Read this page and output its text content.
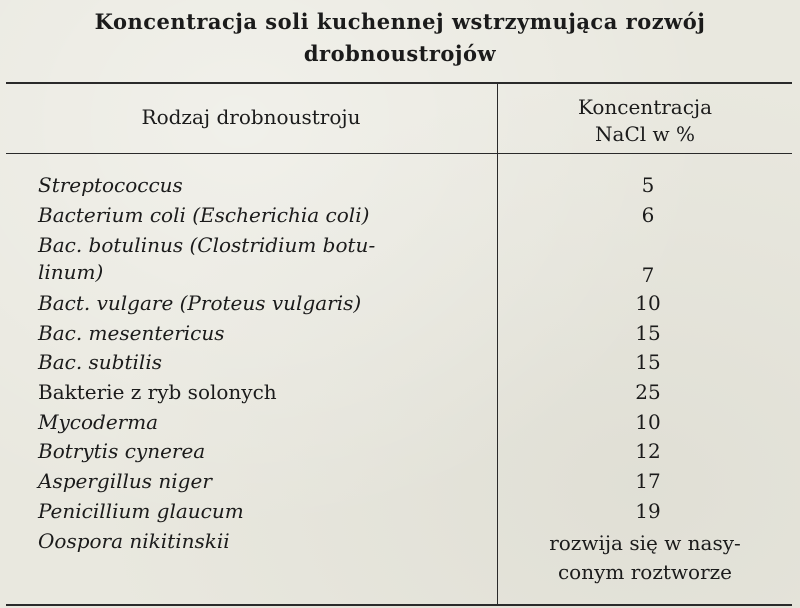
Koncentracja soli kuchennej wstrzymująca rozwój
drobnoustrojów
Rodzaj drobnoustroju	Koncentracja
NaCl w %
Streptococcus	5
Bacterium coli (Escherichia coli)	6
Bac. botulinus (Clostridium botu-
linum)	7
Bact. vulgare (Proteus vulgaris)	10
Bac. mesentericus	15
Bac. subtilis	15
Bakterie z ryb solonych	25
Mycoderma	10
Botrytis cynerea	12
Aspergillus niger	17
Penicillium glaucum	19
Oospora nikitinskii	rozwija się w nasy-
conym roztworze
